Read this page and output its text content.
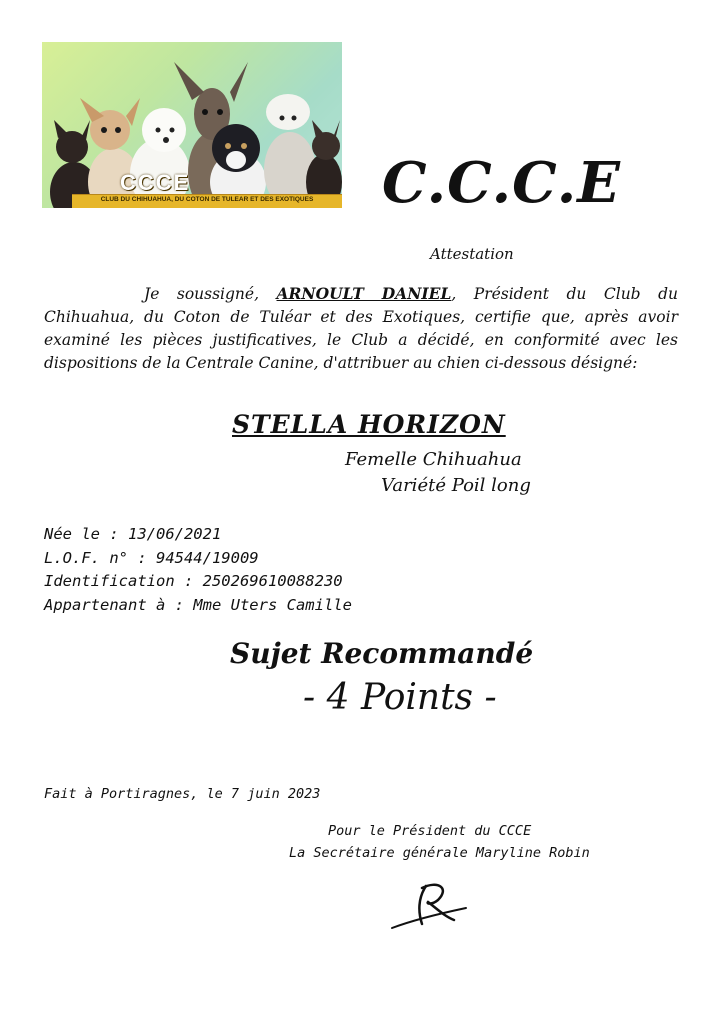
CCCE
CLUB DU CHIHUAHUA, DU COTON DE TULEAR ET DES EXOTIQUES	C.C.C.E
Attestation
Je soussigné, ARNOULT DANIEL, Président du Club du Chihuahua, du Coton de Tuléar et des Exotiques, certifie que, après avoir examiné les pièces justificatives, le Club a décidé, en conformité avec les dispositions de la Centrale Canine, d'attribuer au chien ci-dessous désigné:
STELLA HORIZON
Femelle Chihuahua
Variété Poil long
Née le : 13/06/2021
L.O.F. n° : 94544/19009
Identification : 250269610088230
Appartenant à : Mme Uters Camille
Sujet Recommandé
- 4 Points -
Fait à Portiragnes, le 7 juin 2023
Pour le Président du CCCE
La Secrétaire générale Maryline Robin
